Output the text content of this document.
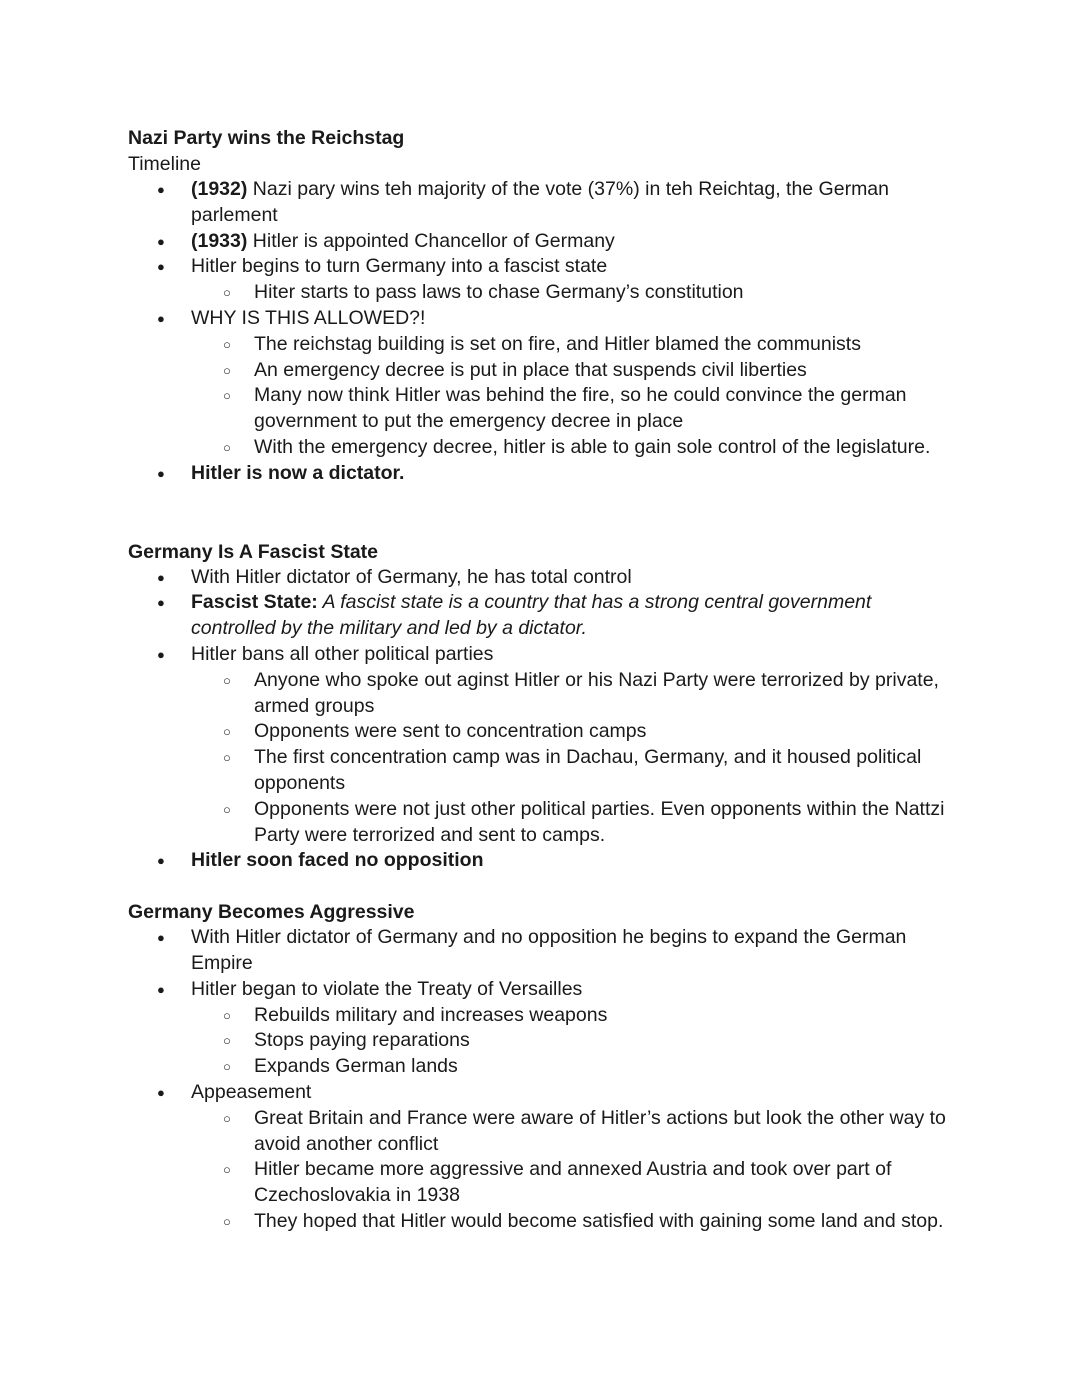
Nazi Party wins the Reichstag

Timeline

● (1932) Nazi pary wins teh majority of the vote (37%) in teh Reichtag, the German parlement
● (1933) Hitler is appointed Chancellor of Germany
● Hitler begins to turn Germany into a fascist state
○ Hiter starts to pass laws to chase Germany’s constitution
● WHY IS THIS ALLOWED?!
○ The reichstag building is set on fire, and Hitler blamed the communists
○ An emergency decree is put in place that suspends civil liberties
○ Many now think Hitler was behind the fire, so he could convince the german government to put the emergency decree in place
○ With the emergency decree, hitler is able to gain sole control of the legislature.
● Hitler is now a dictator.

Germany Is A Fascist State

● With Hitler dictator of Germany, he has total control
● Fascist State: A fascist state is a country that has a strong central government controlled by the military and led by a dictator.
● Hitler bans all other political parties
○ Anyone who spoke out aginst Hitler or his Nazi Party were terrorized by private, armed groups
○ Opponents were sent to concentration camps
○ The first concentration camp was in Dachau, Germany, and it housed political opponents
○ Opponents were not just other political parties. Even opponents within the Nattzi Party were terrorized and sent to camps.
● Hitler soon faced no opposition

Germany Becomes Aggressive

● With Hitler dictator of Germany and no opposition he begins to expand the German Empire
● Hitler began to violate the Treaty of Versailles
○ Rebuilds military and increases weapons
○ Stops paying reparations
○ Expands German lands
● Appeasement
○ Great Britain and France were aware of Hitler’s actions but look the other way to avoid another conflict
○ Hitler became more aggressive and annexed Austria and took over part of Czechoslovakia in 1938
○ They hoped that Hitler would become satisfied with gaining some land and stop.
